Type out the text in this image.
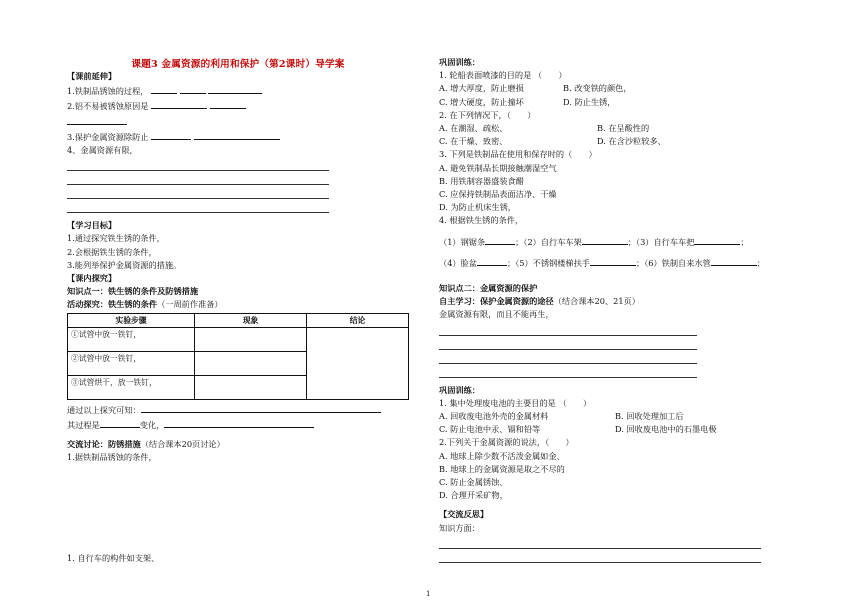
课题3 金属资源的利用和保护（第2课时）导学案
【课前延伸】
1.铁制品锈蚀的过程，
2.铝不易被锈蚀原因是
3.保护金属资源除防止
4、金属资源有限，
【学习目标】
1.通过探究铁生锈的条件，
2.会根据铁生锈的条件，
3.能列举保护金属资源的措施。
【课内探究】
知识点一：铁生锈的条件及防锈措施
活动探究：铁生锈的条件（一周前作准备）
实验步骤	现象	结论
①试管中放一铁钉，		
②试管中放一铁钉，		
③试管烘干，放一铁钉，		
通过以上探究可知：
其过程是	变化，
交流讨论：防锈措施（结合课本20页讨论）
1.据铁制品锈蚀的条件，
1. 自行车的构件如支架、
巩固训练：
1. 轮船表面喷漆的目的是 （　　）
A. 增大厚度，防止磨损	B. 改变铁的颜色，
C. 增大硬度，防止撞坏	D. 防止生锈，
2. 在下列情况下，（　　）
A. 在潮湿、疏松、	B. 在呈酸性的
C. 在干燥、致密、	D. 在含沙粒较多、
3. 下列是铁制品在使用和保存时的（　　）
A. 避免铁制品长期接触潮湿空气
B. 用铁制容器盛装食醋
C. 应保持铁制品表面洁净、干燥
D. 为防止机床生锈，
4. 根据铁生锈的条件，
（1）钢锯条	；（2）自行车车架	；（3）自行车车把	；
（4）脸盆	；（5）不锈钢楼梯扶手	；（6）铁制自来水管	；
知识点二：金属资源的保护
自主学习：保护金属资源的途径（结合课本20、21页）
金属资源有限，而且不能再生，
巩固训练：
1. 集中处理废电池的主要目的是 （　　）
A. 回收废电池外壳的金属材料	B. 回收处理加工后
C. 防止电池中汞、镉和铅等	D. 回收废电池中的石墨电极
2.下列关于金属资源的说法，（　　）
A. 地球上除少数不活泼金属如金、
B. 地球上的金属资源是取之不尽的
C. 防止金属锈蚀、
D. 合理开采矿物，
【交流反思】
知识方面：
1
